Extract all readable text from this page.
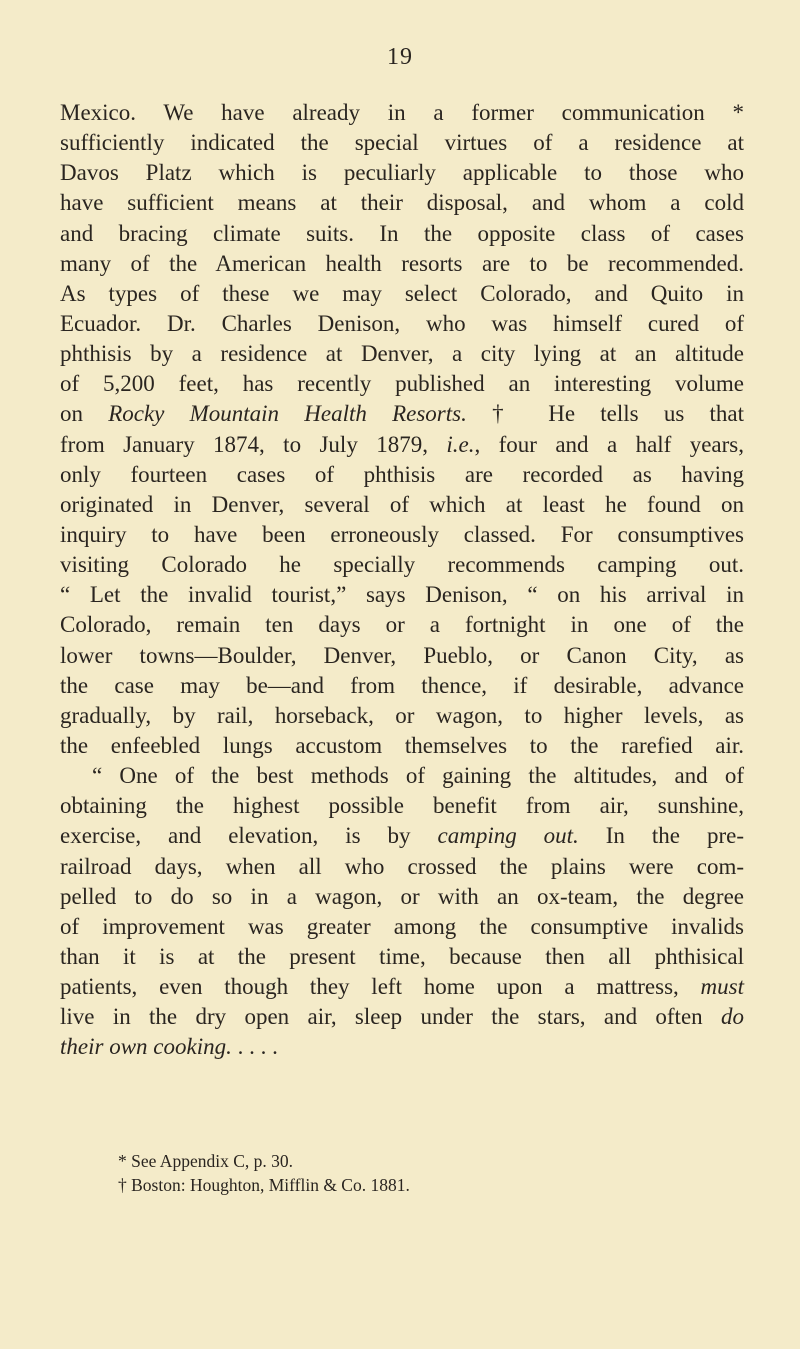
19
Mexico. We have already in a former communication *
sufficiently indicated the special virtues of a residence at
Davos Platz which is peculiarly applicable to those who
have sufficient means at their disposal, and whom a cold
and bracing climate suits. In the opposite class of cases
many of the American health resorts are to be recommended.
As types of these we may select Colorado, and Quito in
Ecuador. Dr. Charles Denison, who was himself cured of
phthisis by a residence at Denver, a city lying at an altitude
of 5,200 feet, has recently published an interesting volume
on Rocky Mountain Health Resorts. † He tells us that
from January 1874, to July 1879, i.e., four and a half years,
only fourteen cases of phthisis are recorded as having
originated in Denver, several of which at least he found on
inquiry to have been erroneously classed. For consumptives
visiting Colorado he specially recommends camping out.
“ Let the invalid tourist,” says Denison, “ on his arrival in
Colorado, remain ten days or a fortnight in one of the
lower towns—Boulder, Denver, Pueblo, or Canon City, as
the case may be—and from thence, if desirable, advance
gradually, by rail, horseback, or wagon, to higher levels, as
the enfeebled lungs accustom themselves to the rarefied air.
“ One of the best methods of gaining the altitudes, and of
obtaining the highest possible benefit from air, sunshine,
exercise, and elevation, is by camping out. In the pre-
railroad days, when all who crossed the plains were com-
pelled to do so in a wagon, or with an ox-team, the degree
of improvement was greater among the consumptive invalids
than it is at the present time, because then all phthisical
patients, even though they left home upon a mattress, must
live in the dry open air, sleep under the stars, and often do
their own cooking. . . . .
* See Appendix C, p. 30.
† Boston: Houghton, Mifflin & Co. 1881.
